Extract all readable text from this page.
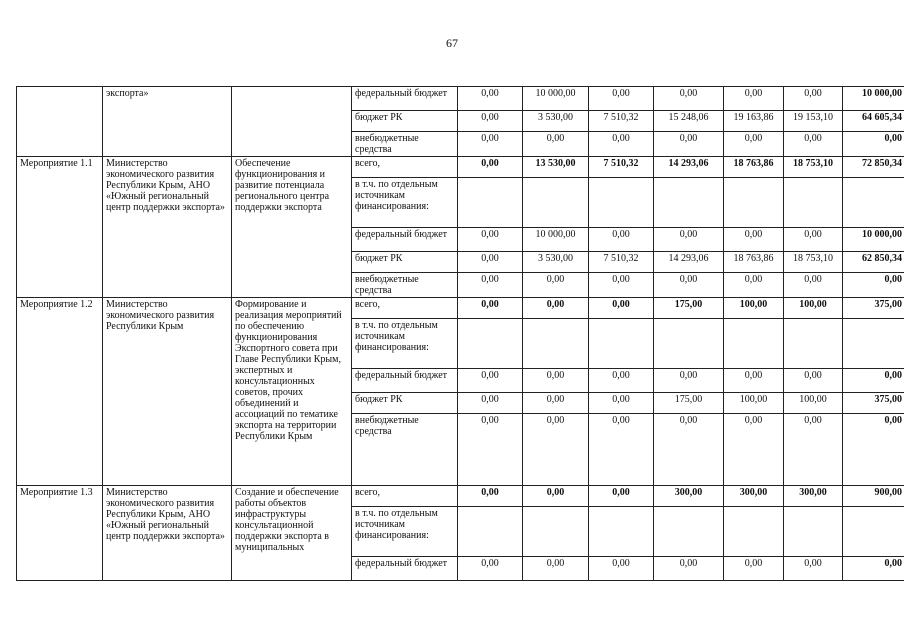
67
	экспорта»		федеральный бюджет	0,00	10 000,00	0,00	0,00	0,00	0,00	10 000,00
			бюджет РК	0,00	3 530,00	7 510,32	15 248,06	19 163,86	19 153,10	64 605,34
			внебюджетные средства	0,00	0,00	0,00	0,00	0,00	0,00	0,00
Мероприятие 1.1	Министерство экономического развития Республики Крым, АНО «Южный региональный центр поддержки экспорта»	Обеспечение функционирования и развитие потенциала регионального центра поддержки экспорта	всего,	0,00	13 530,00	7 510,32	14 293,06	18 763,86	18 753,10	72 850,34
			в т.ч. по отдельным источникам финансирования:							
			федеральный бюджет	0,00	10 000,00	0,00	0,00	0,00	0,00	10 000,00
			бюджет РК	0,00	3 530,00	7 510,32	14 293,06	18 763,86	18 753,10	62 850,34
			внебюджетные средства	0,00	0,00	0,00	0,00	0,00	0,00	0,00
Мероприятие 1.2	Министерство экономического развития Республики Крым	Формирование и реализация мероприятий по обеспечению функционирования Экспортного совета при Главе Республики Крым, экспертных и консультационных советов, прочих объединений и ассоциаций по тематике экспорта на территории Республики Крым	всего,	0,00	0,00	0,00	175,00	100,00	100,00	375,00
			в т.ч. по отдельным источникам финансирования:							
			федеральный бюджет	0,00	0,00	0,00	0,00	0,00	0,00	0,00
			бюджет РК	0,00	0,00	0,00	175,00	100,00	100,00	375,00
			внебюджетные средства	0,00	0,00	0,00	0,00	0,00	0,00	0,00
Мероприятие 1.3	Министерство экономического развития Республики Крым, АНО «Южный региональный центр поддержки экспорта»	Создание и обеспечение работы объектов инфраструктуры консультационной поддержки экспорта в муниципальных	всего,	0,00	0,00	0,00	300,00	300,00	300,00	900,00
			в т.ч. по отдельным источникам финансирования:							
			федеральный бюджет	0,00	0,00	0,00	0,00	0,00	0,00	0,00
